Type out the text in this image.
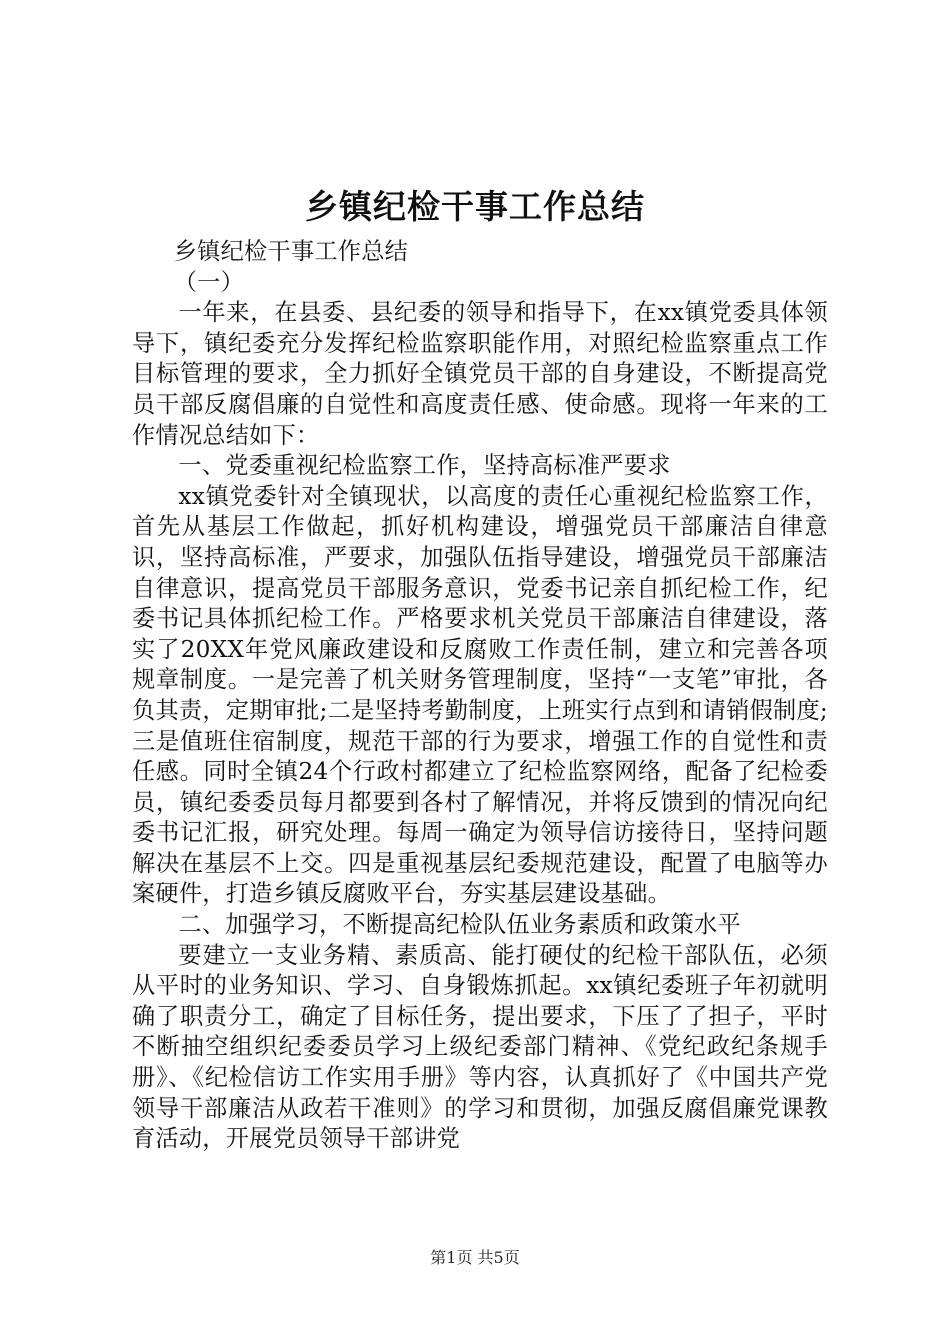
乡镇纪检干事工作总结

乡镇纪检干事工作总结

（一）

一年来，在县委、县纪委的领导和指导下，在xx镇党委具体领导下，镇纪委充分发挥纪检监察职能作用，对照纪检监察重点工作目标管理的要求，全力抓好全镇党员干部的自身建设，不断提高党员干部反腐倡廉的自觉性和高度责任感、使命感。现将一年来的工作情况总结如下：

一、党委重视纪检监察工作，坚持高标准严要求

xx镇党委针对全镇现状，以高度的责任心重视纪检监察工作，首先从基层工作做起，抓好机构建设，增强党员干部廉洁自律意识，坚持高标准，严要求，加强队伍指导建设，增强党员干部廉洁自律意识，提高党员干部服务意识，党委书记亲自抓纪检工作，纪委书记具体抓纪检工作。严格要求机关党员干部廉洁自律建设，落实了20XX年党风廉政建设和反腐败工作责任制，建立和完善各项规章制度。一是完善了机关财务管理制度，坚持“一支笔”审批，各负其责，定期审批;二是坚持考勤制度，上班实行点到和请销假制度;三是值班住宿制度，规范干部的行为要求，增强工作的自觉性和责任感。同时全镇24个行政村都建立了纪检监察网络，配备了纪检委员，镇纪委委员每月都要到各村了解情况，并将反馈到的情况向纪委书记汇报，研究处理。每周一确定为领导信访接待日，坚持问题解决在基层不上交。四是重视基层纪委规范建设，配置了电脑等办案硬件，打造乡镇反腐败平台，夯实基层建设基础。

二、加强学习，不断提高纪检队伍业务素质和政策水平

要建立一支业务精、素质高、能打硬仗的纪检干部队伍，必须从平时的业务知识、学习、自身锻炼抓起。xx镇纪委班子年初就明确了职责分工，确定了目标任务，提出要求，下压了了担子，平时不断抽空组织纪委委员学习上级纪委部门精神、《党纪政纪条规手册》、《纪检信访工作实用手册》等内容，认真抓好了《中国共产党领导干部廉洁从政若干准则》的学习和贯彻，加强反腐倡廉党课教育活动，开展党员领导干部讲党

第1页 共5页
